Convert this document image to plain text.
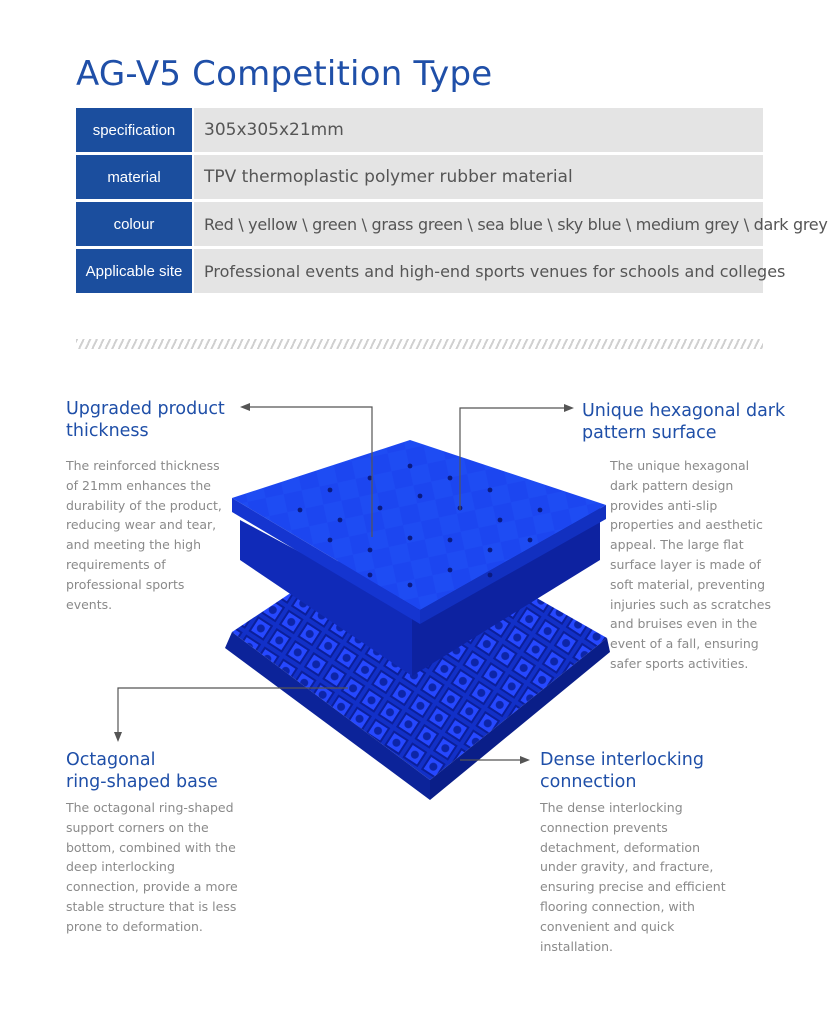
AG-V5 Competition Type
specification	305x305x21mm
material	TPV thermoplastic polymer rubber material
colour	Red \ yellow \ green \ grass green \ sea blue \ sky blue \ medium grey \ dark grey
Applicable site	Professional events and high-end sports venues for schools and colleges
Upgraded product
thickness
The reinforced thickness
of 21mm enhances the
durability of the product,
reducing wear and tear,
and meeting the high
requirements of
professional sports
events.
Unique hexagonal dark
pattern surface
The unique hexagonal
dark pattern design
provides anti-slip
properties and aesthetic
appeal. The large flat
surface layer is made of
soft material, preventing
injuries such as scratches
and bruises even in the
event of a fall, ensuring
safer sports activities.
Octagonal
ring-shaped base
The octagonal ring-shaped
support corners on the
bottom, combined with the
deep interlocking
connection, provide a more
stable structure that is less
prone to deformation.
Dense interlocking
connection
The dense interlocking
connection prevents
detachment, deformation
under gravity, and fracture,
ensuring precise and efficient
flooring connection, with
convenient and quick
installation.
